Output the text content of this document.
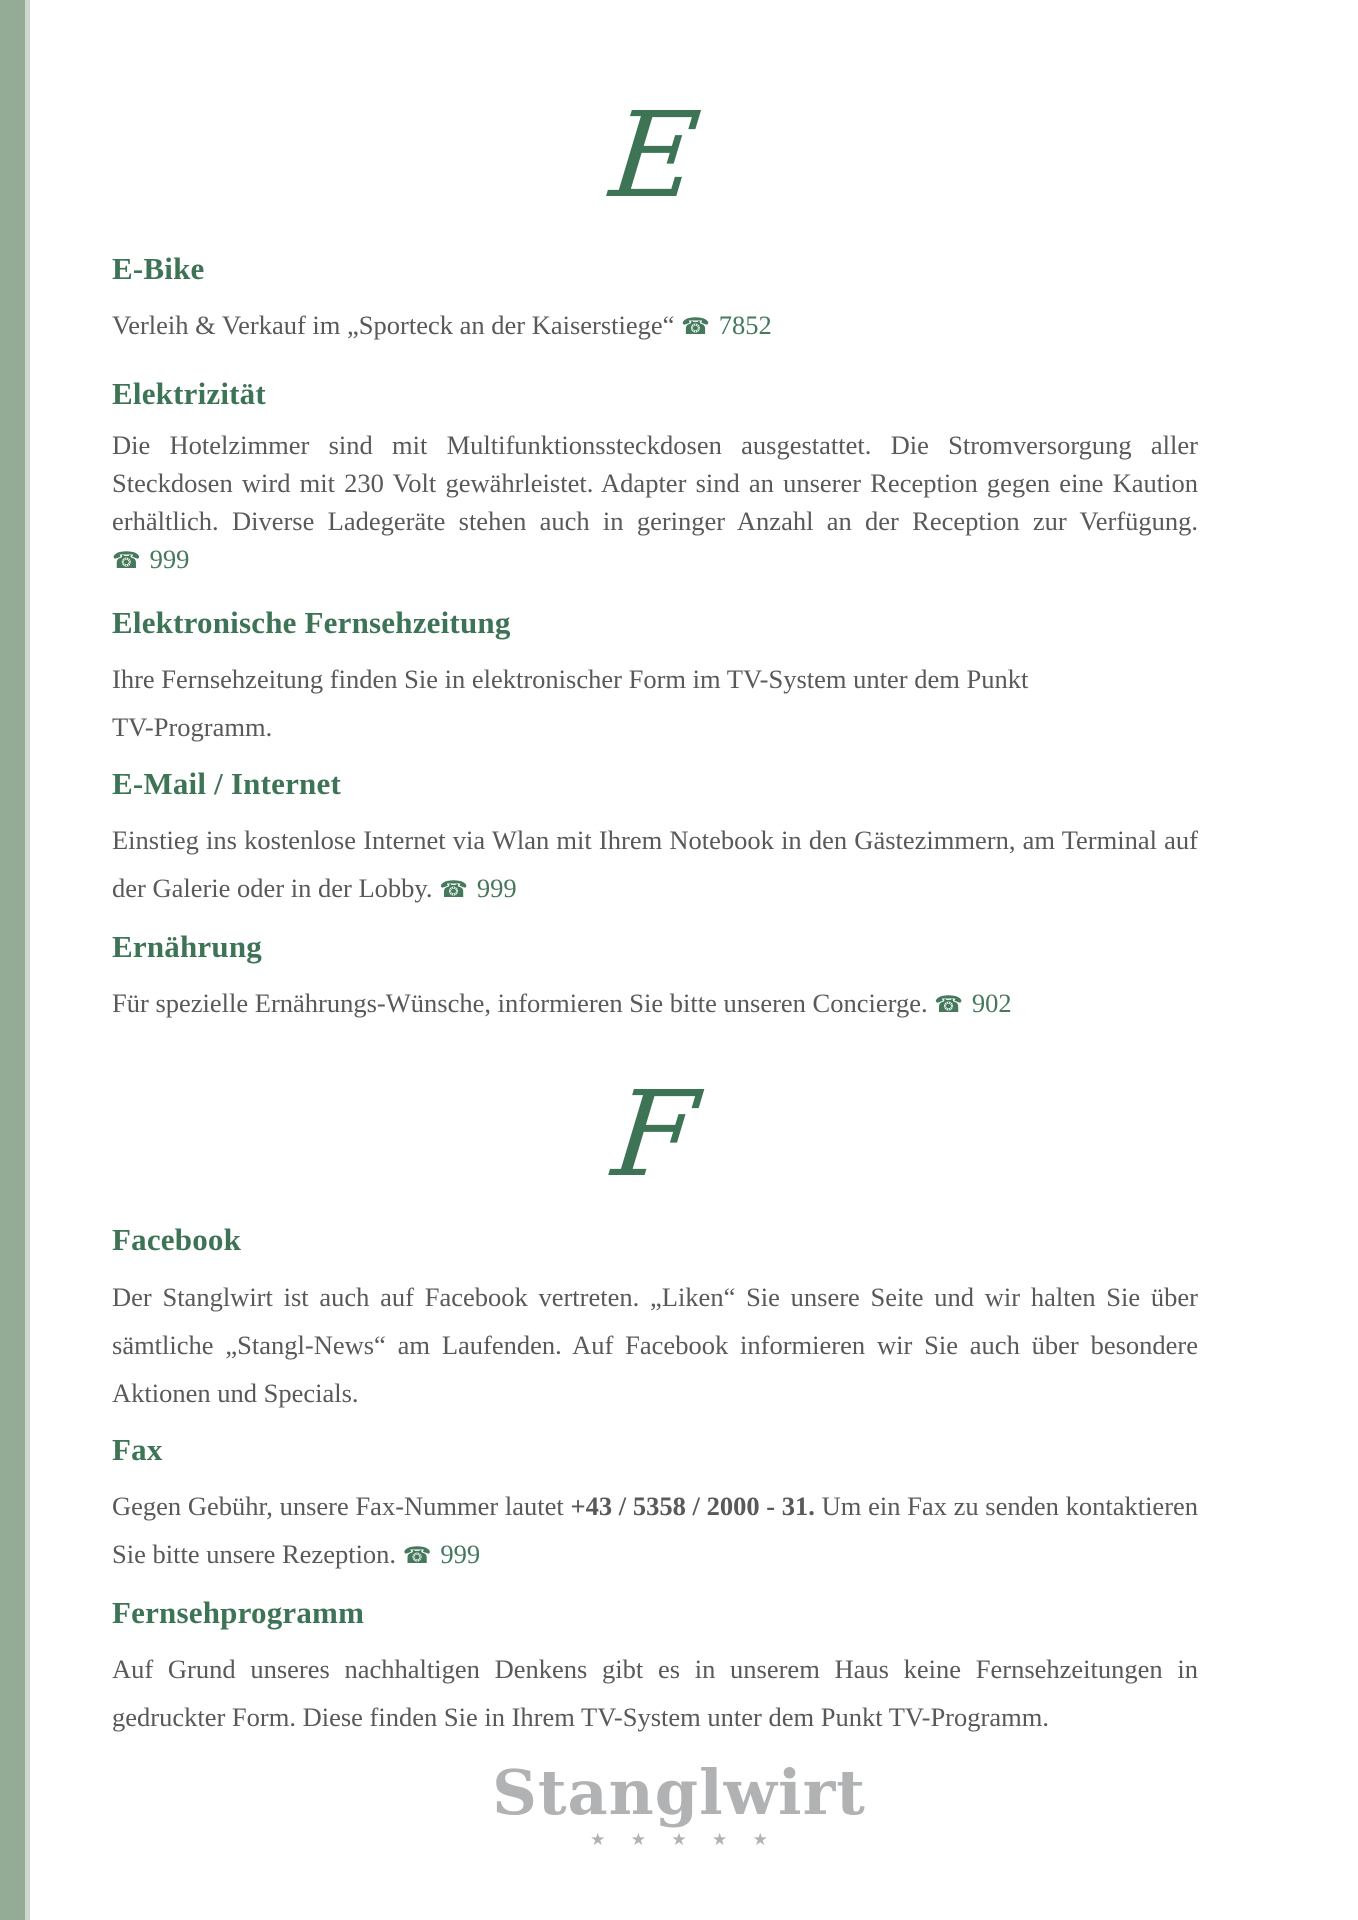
E
E-Bike

Verleih & Verkauf im „Sporteck an der Kaiserstiege“ ☎ 7852

Elektrizität

Die Hotelzimmer sind mit Multifunktionssteckdosen ausgestattet. Die Stromversorgung aller Steckdosen wird mit 230 Volt gewährleistet. Adapter sind an unserer Reception gegen eine Kaution erhältlich. Diverse Ladegeräte stehen auch in geringer Anzahl an der Reception zur Verfügung. ☎ 999

Elektronische Fernsehzeitung

Ihre Fernsehzeitung finden Sie in elektronischer Form im TV-System unter dem Punkt
TV-Programm.

E-Mail / Internet

Einstieg ins kostenlose Internet via Wlan mit Ihrem Notebook in den Gästezimmern, am Terminal auf der Galerie oder in der Lobby. ☎ 999

Ernährung

Für spezielle Ernährungs-Wünsche, informieren Sie bitte unseren Concierge. ☎ 902

F
Facebook

Der Stanglwirt ist auch auf Facebook vertreten. „Liken“ Sie unsere Seite und wir halten Sie über sämtliche „Stangl-News“ am Laufenden. Auf Facebook informieren wir Sie auch über besondere Aktionen und Specials.

Fax

Gegen Gebühr, unsere Fax-Nummer lautet +43 / 5358 / 2000 - 31. Um ein Fax zu senden kontaktieren Sie bitte unsere Rezeption. ☎ 999

Fernsehprogramm

Auf Grund unseres nachhaltigen Denkens gibt es in unserem Haus keine Fernsehzeitungen in gedruckter Form. Diese finden Sie in Ihrem TV-System unter dem Punkt TV-Programm.

Stanglwirt
★ ★ ★ ★ ★
